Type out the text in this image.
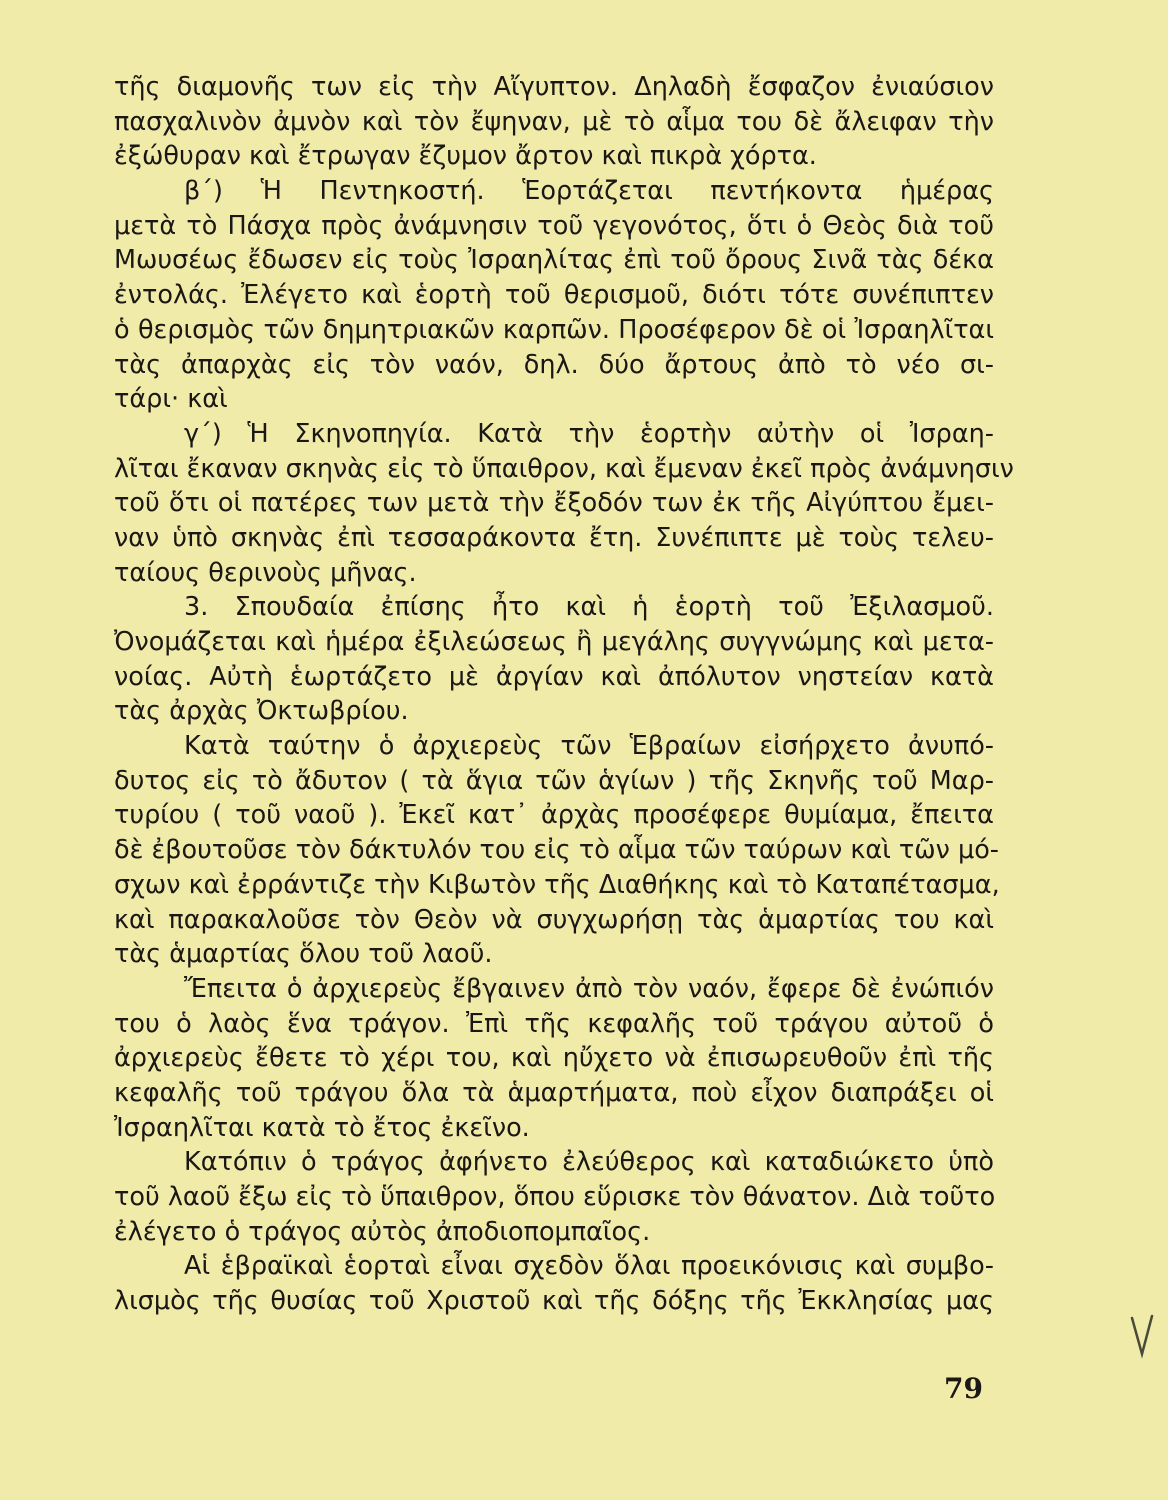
τῆς διαμονῆς των εἰς τὴν Αἴγυπτον. Δηλαδὴ ἔσφαζον ἐνιαύσιον
πασχαλινὸν ἀμνὸν καὶ τὸν ἔψηναν, μὲ τὸ αἷμα του δὲ ἄλειφαν τὴν
ἐξώθυραν καὶ ἔτρωγαν ἔζυμον ἄρτον καὶ πικρὰ χόρτα.
β΄) Ἡ Πεντηκοστή. Ἑορτάζεται πεντήκοντα ἡμέρας
μετὰ τὸ Πάσχα πρὸς ἀνάμνησιν τοῦ γεγονότος, ὅτι ὁ Θεὸς διὰ τοῦ
Μωυσέως ἔδωσεν εἰς τοὺς Ἰσραηλίτας ἐπὶ τοῦ ὄρους Σινᾶ τὰς δέκα
ἐντολάς. Ἐλέγετο καὶ ἑορτὴ τοῦ θερισμοῦ, διότι τότε συνέπιπτεν
ὁ θερισμὸς τῶν δημητριακῶν καρπῶν. Προσέφερον δὲ οἱ Ἰσραηλῖται
τὰς ἀπαρχὰς εἰς τὸν ναόν, δηλ. δύο ἄρτους ἀπὸ τὸ νέο σι-
τάρι· καὶ
γ΄) Ἡ Σκηνοπηγία. Κατὰ τὴν ἑορτὴν αὐτὴν οἱ Ἰσραη-
λῖται ἔκαναν σκηνὰς εἰς τὸ ὕπαιθρον, καὶ ἔμεναν ἐκεῖ πρὸς ἀνάμνησιν
τοῦ ὅτι οἱ πατέρες των μετὰ τὴν ἔξοδόν των ἐκ τῆς Αἰγύπτου ἔμει-
ναν ὑπὸ σκηνὰς ἐπὶ τεσσαράκοντα ἔτη. Συνέπιπτε μὲ τοὺς τελευ-
ταίους θερινοὺς μῆνας.
3. Σπουδαία ἐπίσης ἦτο καὶ ἡ ἑορτὴ τοῦ Ἐξιλασμοῦ.
Ὀνομάζεται καὶ ἡμέρα ἐξιλεώσεως ἢ μεγάλης συγγνώμης καὶ μετα-
νοίας. Αὐτὴ ἑωρτάζετο μὲ ἀργίαν καὶ ἀπόλυτον νηστείαν κατὰ
τὰς ἀρχὰς Ὀκτωβρίου.
Κατὰ ταύτην ὁ ἀρχιερεὺς τῶν Ἑβραίων εἰσήρχετο ἀνυπό-
δυτος εἰς τὸ ἄδυτον ( τὰ ἅγια τῶν ἁγίων ) τῆς Σκηνῆς τοῦ Μαρ-
τυρίου ( τοῦ ναοῦ ). Ἐκεῖ κατ᾽ ἀρχὰς προσέφερε θυμίαμα, ἔπειτα
δὲ ἐβουτοῦσε τὸν δάκτυλόν του εἰς τὸ αἷμα τῶν ταύρων καὶ τῶν μό-
σχων καὶ ἐρράντιζε τὴν Κιβωτὸν τῆς Διαθήκης καὶ τὸ Καταπέτασμα,
καὶ παρακαλοῦσε τὸν Θεὸν νὰ συγχωρήσῃ τὰς ἁμαρτίας του καὶ
τὰς ἁμαρτίας ὅλου τοῦ λαοῦ.
Ἔπειτα ὁ ἀρχιερεὺς ἔβγαινεν ἀπὸ τὸν ναόν, ἔφερε δὲ ἐνώπιόν
του ὁ λαὸς ἕνα τράγον. Ἐπὶ τῆς κεφαλῆς τοῦ τράγου αὐτοῦ ὁ
ἀρχιερεὺς ἔθετε τὸ χέρι του, καὶ ηὔχετο νὰ ἐπισωρευθοῦν ἐπὶ τῆς
κεφαλῆς τοῦ τράγου ὅλα τὰ ἁμαρτήματα, ποὺ εἶχον διαπράξει οἱ
Ἰσραηλῖται κατὰ τὸ ἔτος ἐκεῖνο.
Κατόπιν ὁ τράγος ἀφήνετο ἐλεύθερος καὶ καταδιώκετο ὑπὸ
τοῦ λαοῦ ἔξω εἰς τὸ ὕπαιθρον, ὅπου εὕρισκε τὸν θάνατον. Διὰ τοῦτο
ἐλέγετο ὁ τράγος αὐτὸς ἀποδιοπομπαῖος.
Αἱ ἑβραϊκαὶ ἑορταὶ εἶναι σχεδὸν ὅλαι προεικόνισις καὶ συμβο-
λισμὸς τῆς θυσίας τοῦ Χριστοῦ καὶ τῆς δόξης τῆς Ἐκκλησίας μας
79
